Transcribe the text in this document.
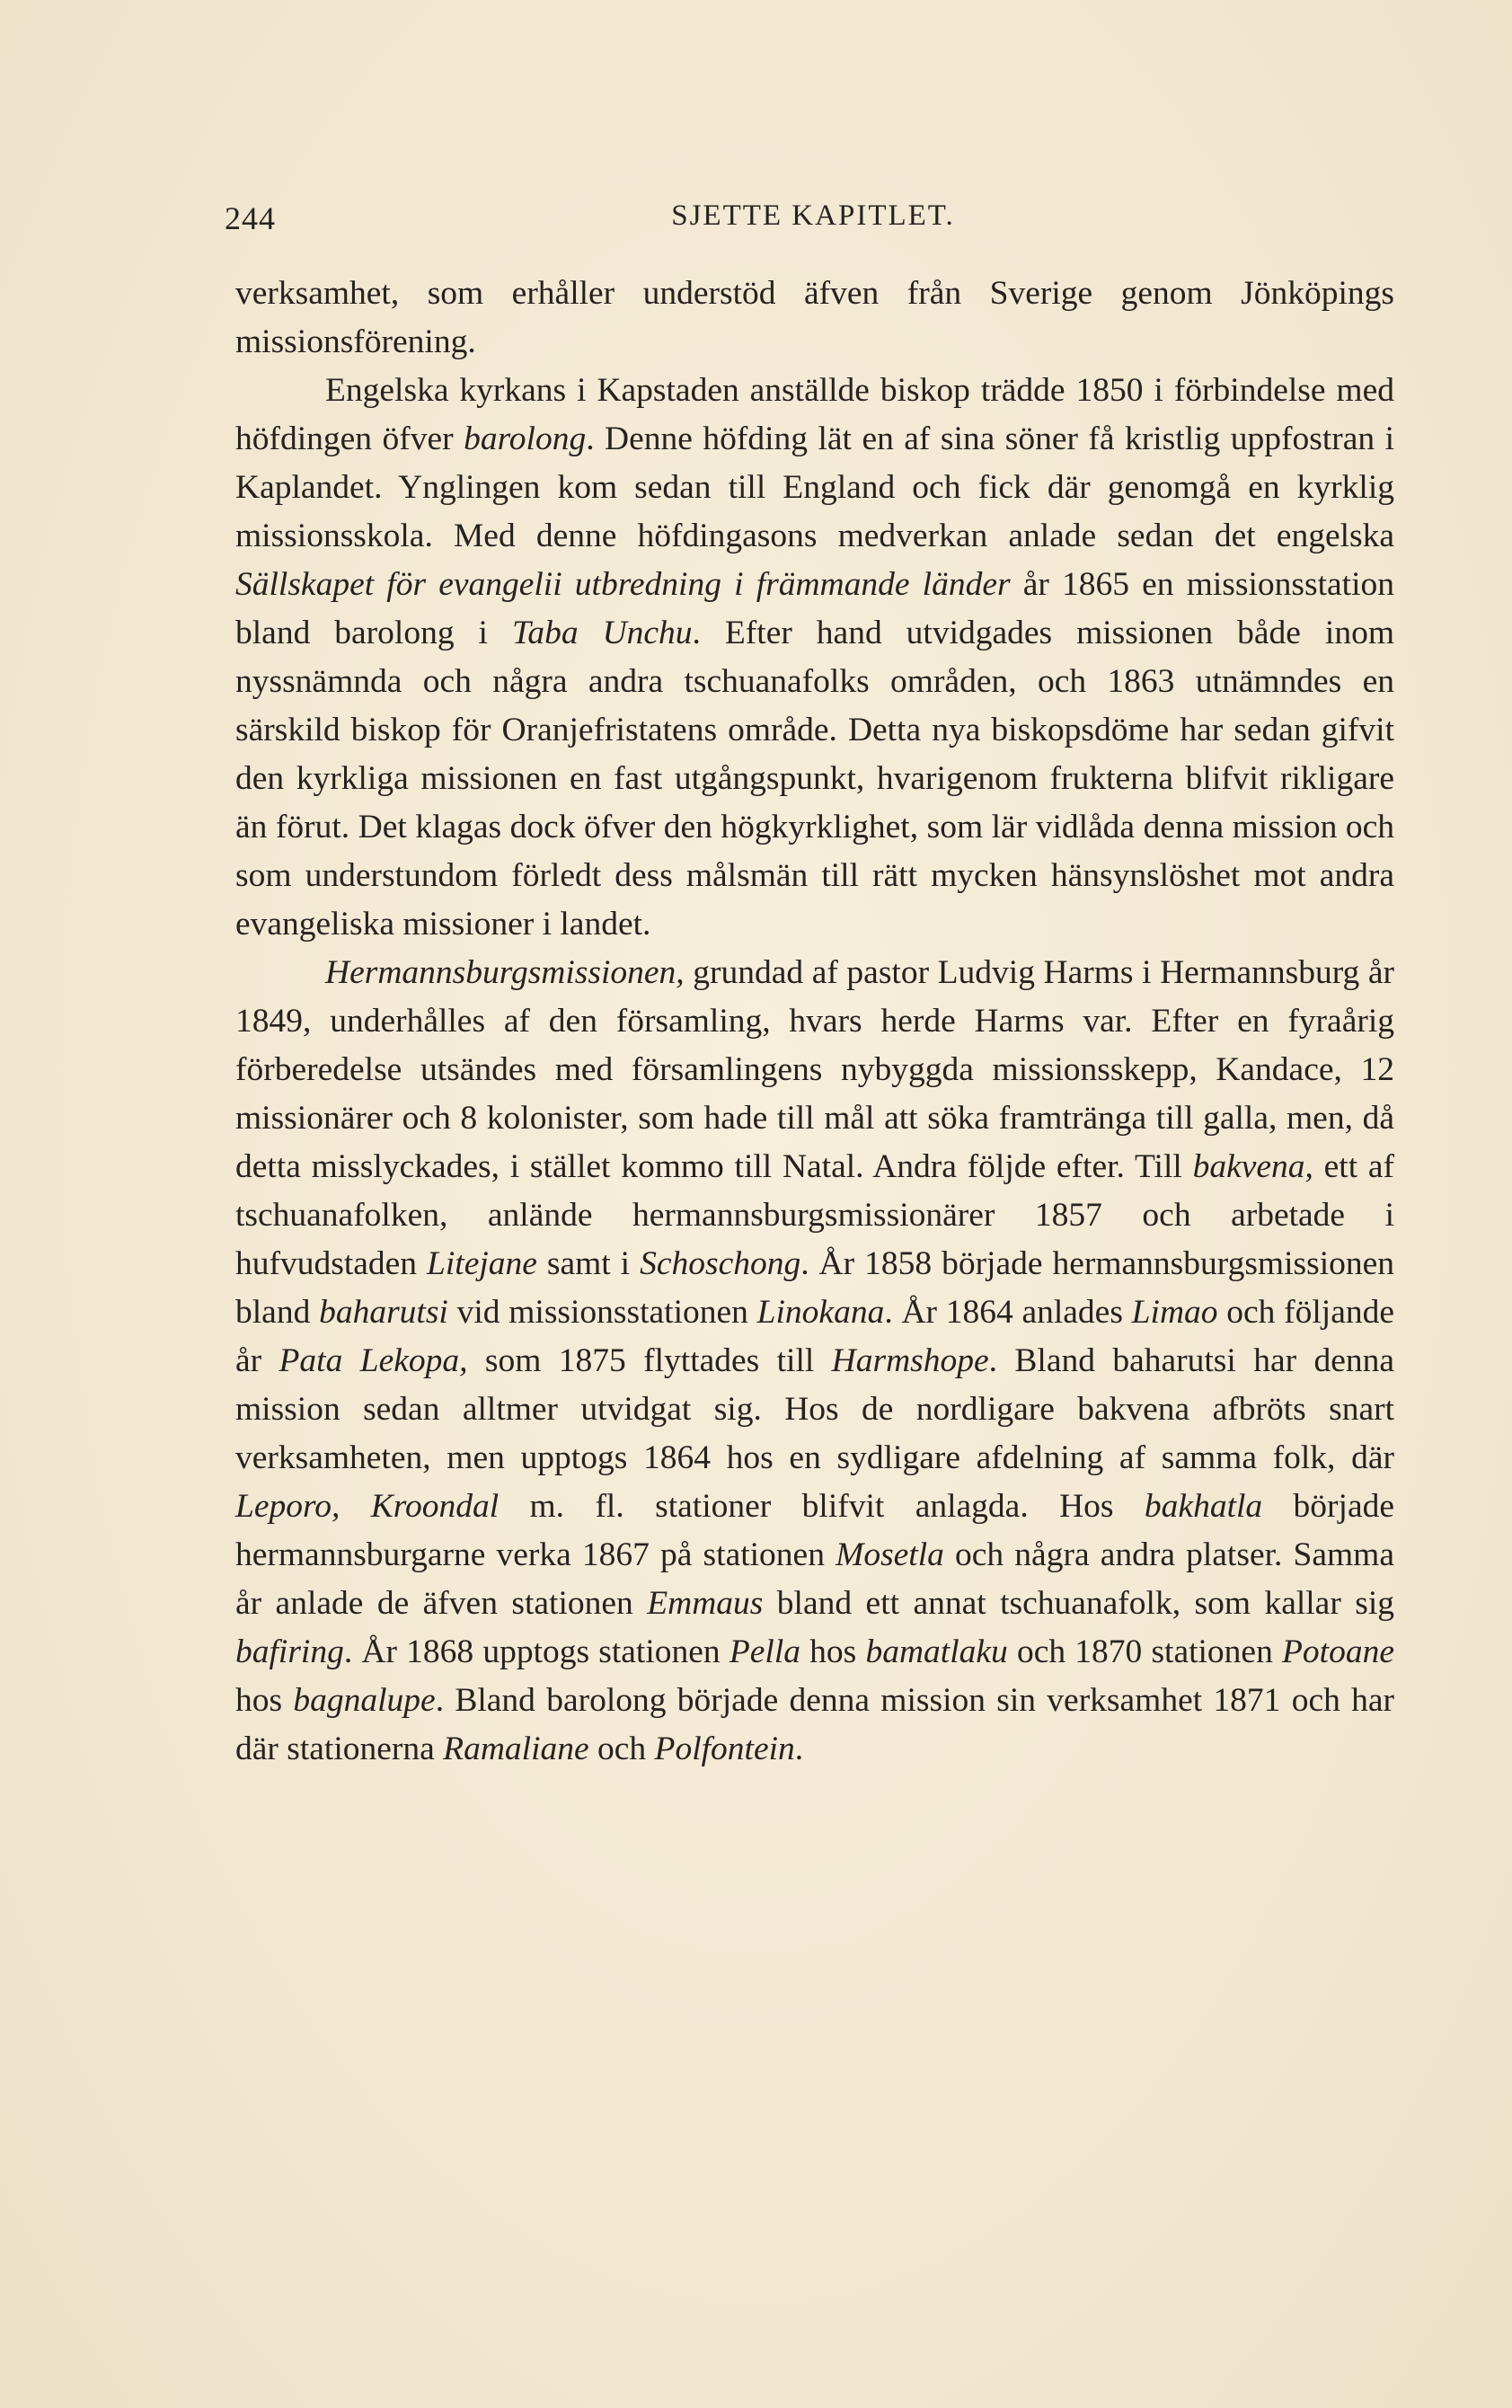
244	SJETTE KAPITLET.

verksamhet, som erhåller understöd äfven från Sverige genom Jönköpings missionsförening.

Engelska kyrkans i Kapstaden anställde biskop trädde 1850 i förbindelse med höfdingen öfver barolong. Denne höfding lät en af sina söner få kristlig uppfostran i Kaplandet. Ynglingen kom sedan till England och fick där genomgå en kyrklig missionsskola. Med denne höfdingasons medverkan anlade sedan det engelska Sällskapet för evangelii utbredning i främmande länder år 1865 en missionsstation bland barolong i Taba Unchu. Efter hand utvidgades missionen både inom nyssnämnda och några andra tschuanafolks områden, och 1863 utnämndes en särskild biskop för Oranjefristatens område. Detta nya biskopsdöme har sedan gifvit den kyrkliga missionen en fast utgångspunkt, hvarigenom frukterna blifvit rikligare än förut. Det klagas dock öfver den högkyrklighet, som lär vidlåda denna mission och som understundom förledt dess målsmän till rätt mycken hänsynslöshet mot andra evangeliska missioner i landet.

Hermannsburgsmissionen, grundad af pastor Ludvig Harms i Hermannsburg år 1849, underhålles af den församling, hvars herde Harms var. Efter en fyraårig förberedelse utsändes med församlingens nybyggda missionsskepp, Kandace, 12 missionärer och 8 kolonister, som hade till mål att söka framtränga till galla, men, då detta misslyckades, i stället kommo till Natal. Andra följde efter. Till bakvena, ett af tschuanafolken, anlände hermannsburgsmissionärer 1857 och arbetade i hufvudstaden Litejane samt i Schoschong. År 1858 började hermannsburgsmissionen bland baharutsi vid missionsstationen Linokana. År 1864 anlades Limao och följande år Pata Lekopa, som 1875 flyttades till Harmshope. Bland baharutsi har denna mission sedan alltmer utvidgat sig. Hos de nordligare bakvena afbröts snart verksamheten, men upptogs 1864 hos en sydligare afdelning af samma folk, där Leporo, Kroondal m. fl. stationer blifvit anlagda. Hos bakhatla började hermannsburgarne verka 1867 på stationen Mosetla och några andra platser. Samma år anlade de äfven stationen Emmaus bland ett annat tschuanafolk, som kallar sig bafiring. År 1868 upptogs stationen Pella hos bamatlaku och 1870 stationen Potoane hos bagnalupe. Bland barolong började denna mission sin verksamhet 1871 och har där stationerna Ramaliane och Polfontein.
